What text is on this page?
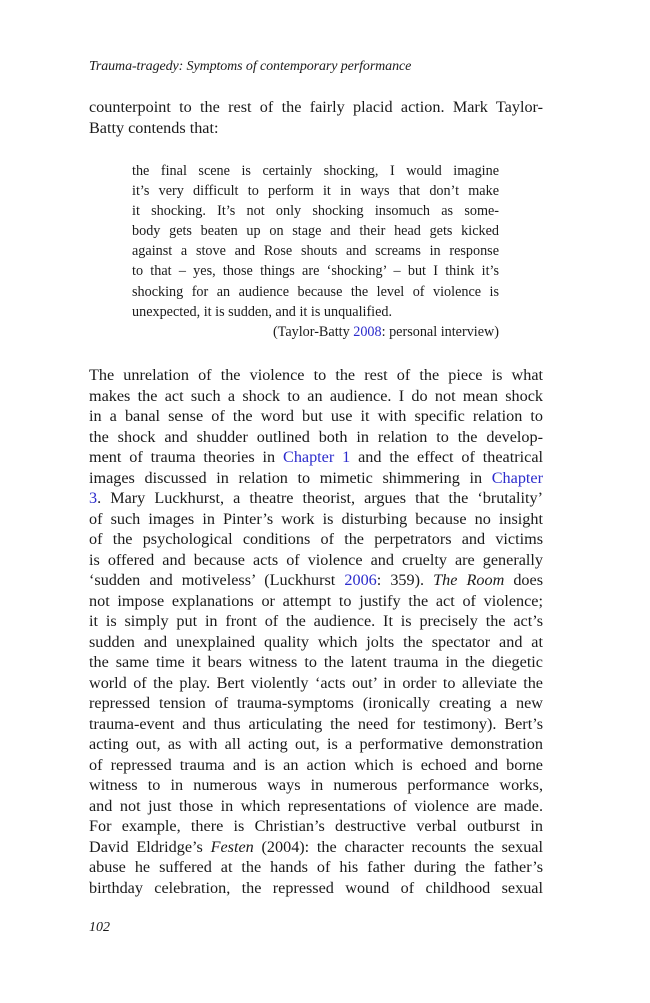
Trauma-tragedy: Symptoms of contemporary performance
counterpoint to the rest of the fairly placid action. Mark Taylor-
Batty contends that:
the final scene is certainly shocking, I would imagine
it’s very difficult to perform it in ways that don’t make
it shocking. It’s not only shocking insomuch as some-
body gets beaten up on stage and their head gets kicked
against a stove and Rose shouts and screams in response
to that – yes, those things are ‘shocking’ – but I think it’s
shocking for an audience because the level of violence is
unexpected, it is sudden, and it is unqualified.
(Taylor-Batty 2008: personal interview)
The unrelation of the violence to the rest of the piece is what
makes the act such a shock to an audience. I do not mean shock
in a banal sense of the word but use it with specific relation to
the shock and shudder outlined both in relation to the develop-
ment of trauma theories in Chapter 1 and the effect of theatrical
images discussed in relation to mimetic shimmering in Chapter
3. Mary Luckhurst, a theatre theorist, argues that the ‘brutality’
of such images in Pinter’s work is disturbing because no insight
of the psychological conditions of the perpetrators and victims
is offered and because acts of violence and cruelty are generally
‘sudden and motiveless’ (Luckhurst 2006: 359). The Room does
not impose explanations or attempt to justify the act of violence;
it is simply put in front of the audience. It is precisely the act’s
sudden and unexplained quality which jolts the spectator and at
the same time it bears witness to the latent trauma in the diegetic
world of the play. Bert violently ‘acts out’ in order to alleviate the
repressed tension of trauma-symptoms (ironically creating a new
trauma-event and thus articulating the need for testimony). Bert’s
acting out, as with all acting out, is a performative demonstration
of repressed trauma and is an action which is echoed and borne
witness to in numerous ways in numerous performance works,
and not just those in which representations of violence are made.
For example, there is Christian’s destructive verbal outburst in
David Eldridge’s Festen (2004): the character recounts the sexual
abuse he suffered at the hands of his father during the father’s
birthday celebration, the repressed wound of childhood sexual
102
